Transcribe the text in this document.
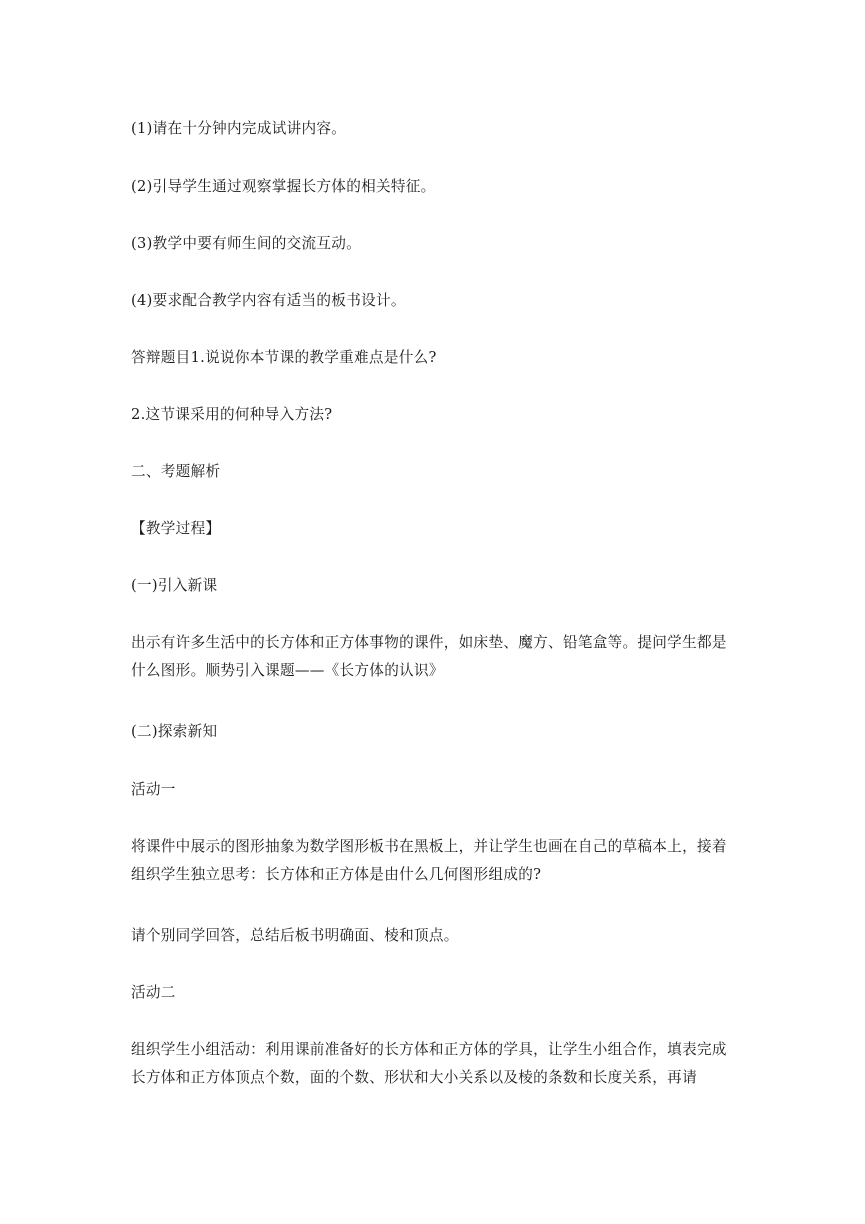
(1)请在十分钟内完成试讲内容。

(2)引导学生通过观察掌握长方体的相关特征。

(3)教学中要有师生间的交流互动。

(4)要求配合教学内容有适当的板书设计。

答辩题目1.说说你本节课的教学重难点是什么?

2.这节课采用的何种导入方法?

二、考题解析

【教学过程】

(一)引入新课

出示有许多生活中的长方体和正方体事物的课件，如床垫、魔方、铅笔盒等。提问学生都是什么图形。顺势引入课题——《长方体的认识》

(二)探索新知

活动一

将课件中展示的图形抽象为数学图形板书在黑板上，并让学生也画在自己的草稿本上，接着组织学生独立思考：长方体和正方体是由什么几何图形组成的?

请个别同学回答，总结后板书明确面、棱和顶点。

活动二

组织学生小组活动：利用课前准备好的长方体和正方体的学具，让学生小组合作，填表完成长方体和正方体顶点个数，面的个数、形状和大小关系以及棱的条数和长度关系，再请
